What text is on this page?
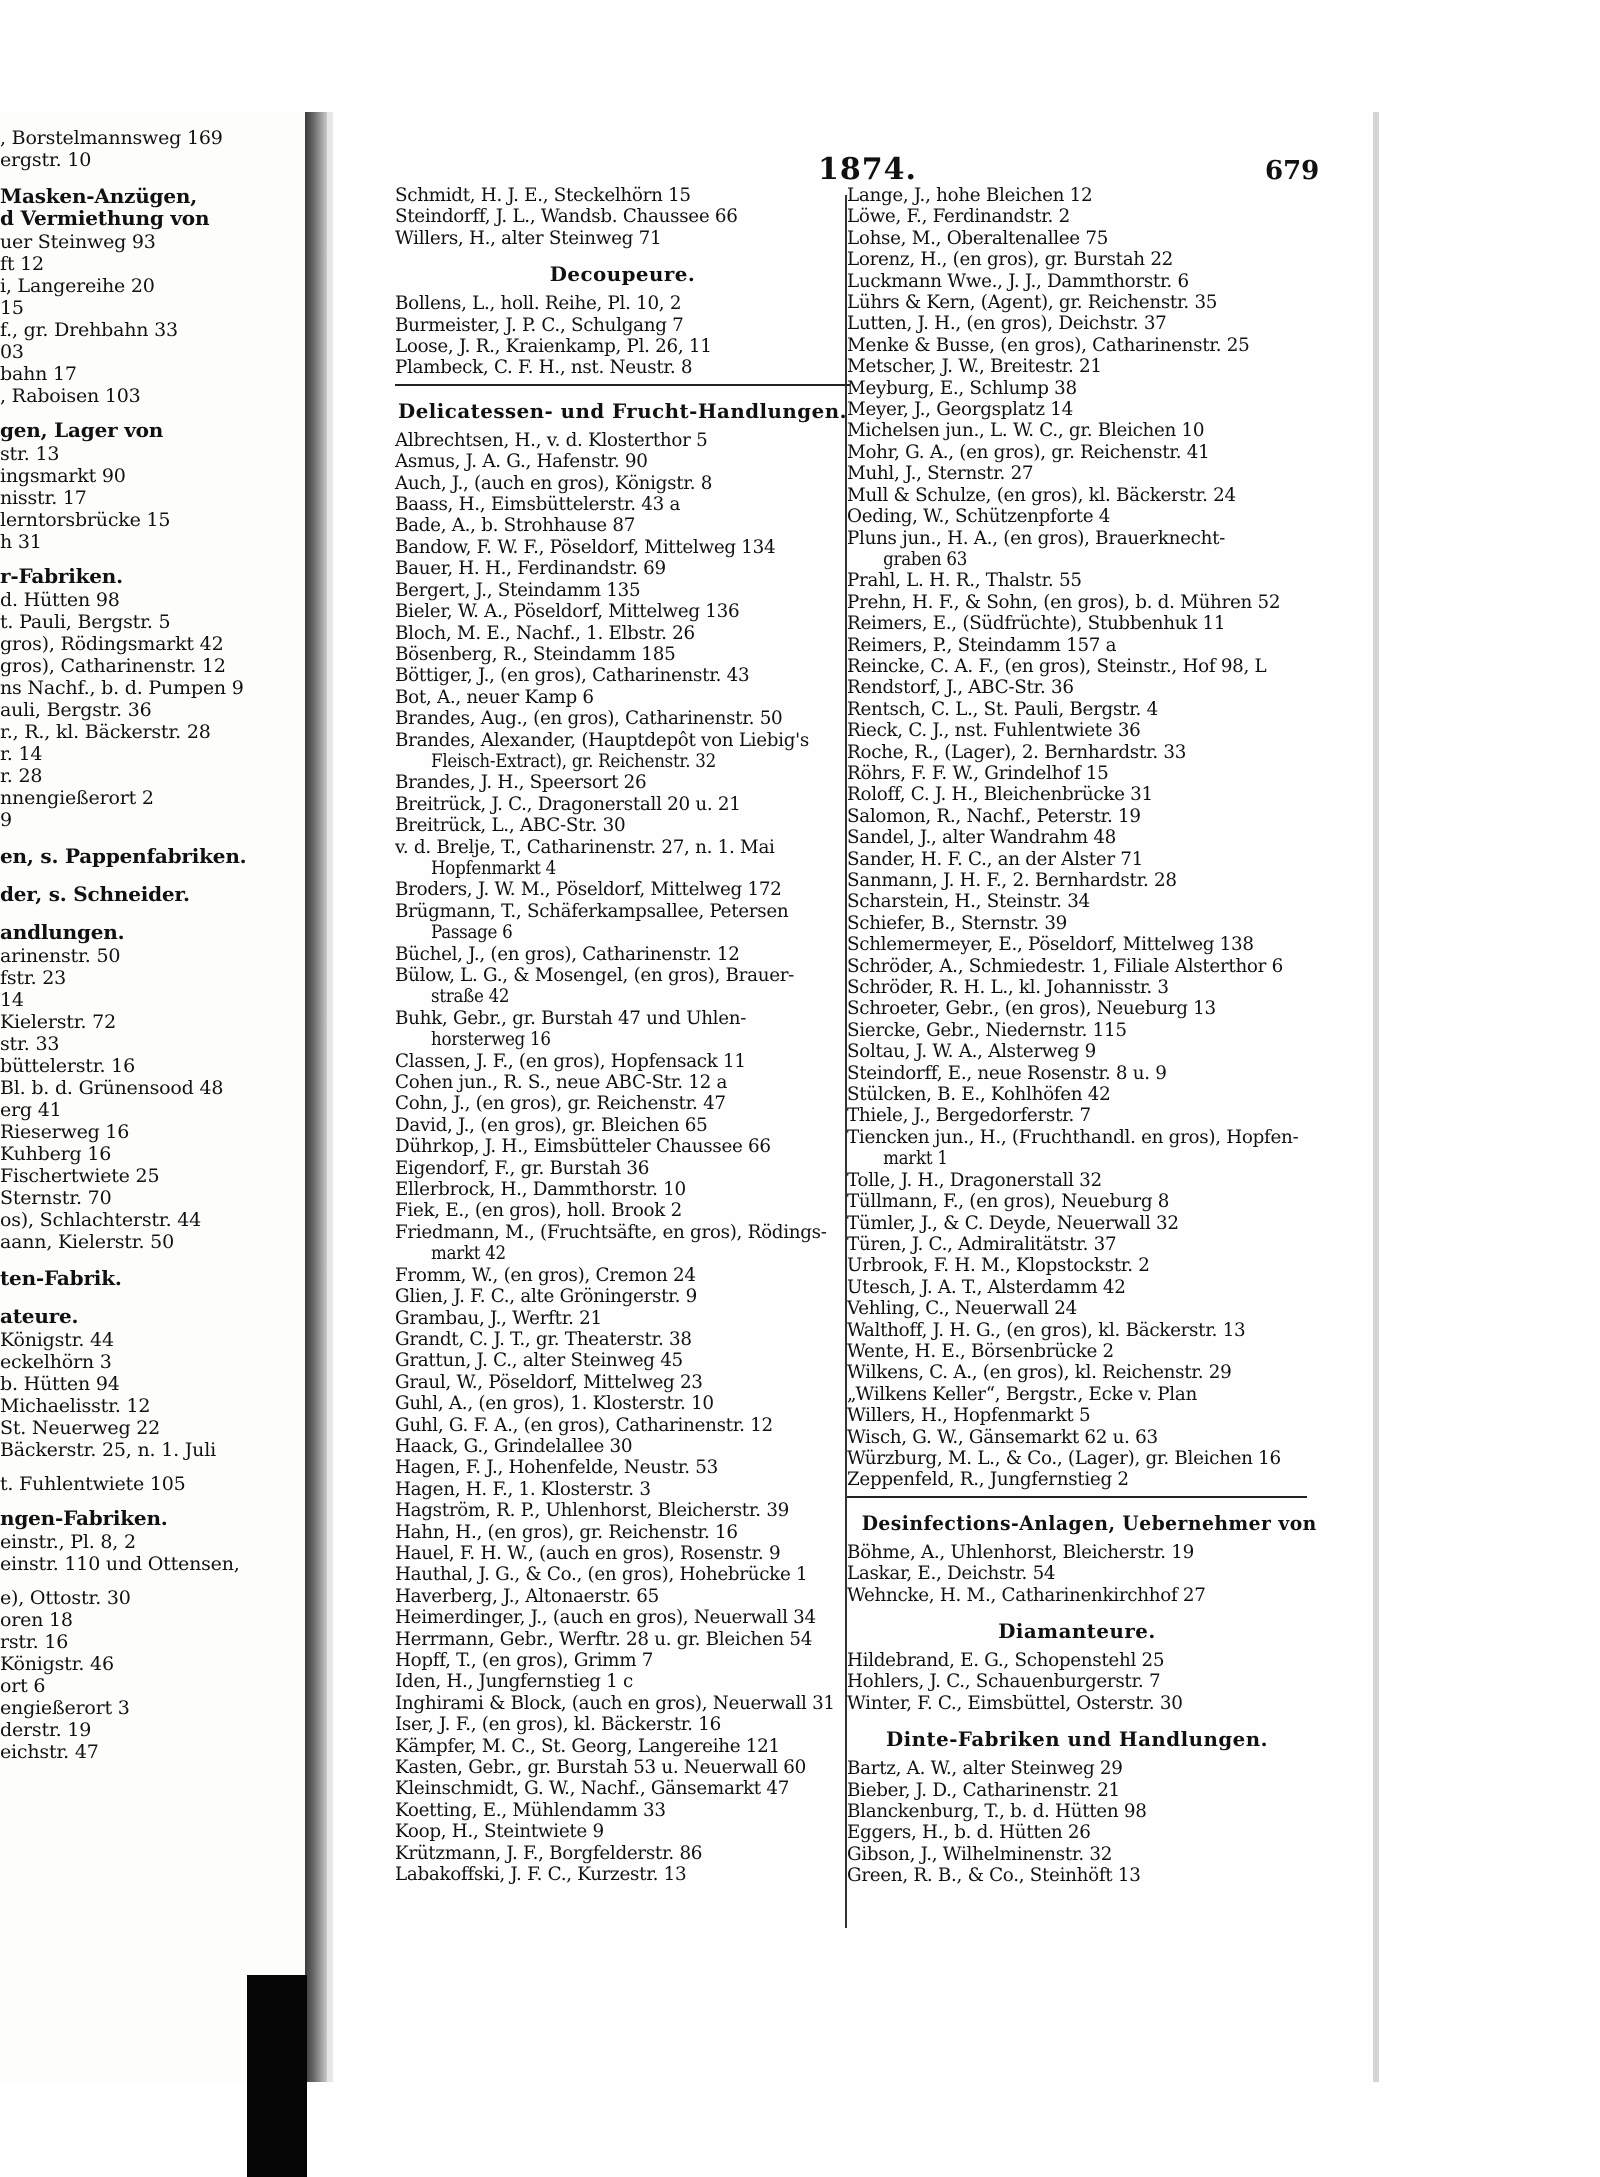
, Borstelmannsweg 169
ergstr. 10
Masken-Anzügen,
d Vermiethung von
uer Steinweg 93
ft 12
i, Langereihe 20
15
f., gr. Drehbahn 33
03
bahn 17
, Raboisen 103
gen, Lager von
str. 13
ingsmarkt 90
nisstr. 17
lerntorsbrücke 15
h 31
r-Fabriken.
d. Hütten 98
t. Pauli, Bergstr. 5
gros), Rödingsmarkt 42
gros), Catharinenstr. 12
ns Nachf., b. d. Pumpen 9
auli, Bergstr. 36
r., R., kl. Bäckerstr. 28
r. 14
r. 28
nnengießerort 2
9
en, s. Pappenfabriken.
der, s. Schneider.
andlungen.
arinenstr. 50
fstr. 23
14
Kielerstr. 72
str. 33
büttelerstr. 16
Bl. b. d. Grünensood 48
erg 41
Rieserweg 16
Kuhberg 16
Fischertwiete 25
Sternstr. 70
os), Schlachterstr. 44
aann, Kielerstr. 50
ten-Fabrik.
ateure.
Königstr. 44
eckelhörn 3
b. Hütten 94
Michaelisstr. 12
St. Neuerweg 22
Bäckerstr. 25, n. 1. Juli
t. Fuhlentwiete 105
ngen-Fabriken.
einstr., Pl. 8, 2
einstr. 110 und Ottensen,
e), Ottostr. 30
oren 18
rstr. 16
Königstr. 46
ort 6
engießerort 3
derstr. 19
eichstr. 47
1874.	679
Schmidt, H. J. E., Steckelhörn 15
Steindorff, J. L., Wandsb. Chaussee 66
Willers, H., alter Steinweg 71
Decoupeure.
Bollens, L., holl. Reihe, Pl. 10, 2
Burmeister, J. P. C., Schulgang 7
Loose, J. R., Kraienkamp, Pl. 26, 11
Plambeck, C. F. H., nst. Neustr. 8
Delicatessen- und Frucht-Handlungen.
Albrechtsen, H., v. d. Klosterthor 5
Asmus, J. A. G., Hafenstr. 90
Auch, J., (auch en gros), Königstr. 8
Baass, H., Eimsbüttelerstr. 43 a
Bade, A., b. Strohhause 87
Bandow, F. W. F., Pöseldorf, Mittelweg 134
Bauer, H. H., Ferdinandstr. 69
Bergert, J., Steindamm 135
Bieler, W. A., Pöseldorf, Mittelweg 136
Bloch, M. E., Nachf., 1. Elbstr. 26
Bösenberg, R., Steindamm 185
Böttiger, J., (en gros), Catharinenstr. 43
Bot, A., neuer Kamp 6
Brandes, Aug., (en gros), Catharinenstr. 50
Brandes, Alexander, (Hauptdepôt von Liebig's
Fleisch-Extract), gr. Reichenstr. 32
Brandes, J. H., Speersort 26
Breitrück, J. C., Dragonerstall 20 u. 21
Breitrück, L., ABC-Str. 30
v. d. Brelje, T., Catharinenstr. 27, n. 1. Mai
Hopfenmarkt 4
Broders, J. W. M., Pöseldorf, Mittelweg 172
Brügmann, T., Schäferkampsallee, Petersen
Passage 6
Büchel, J., (en gros), Catharinenstr. 12
Bülow, L. G., & Mosengel, (en gros), Brauer-
straße 42
Buhk, Gebr., gr. Burstah 47 und Uhlen-
horsterweg 16
Classen, J. F., (en gros), Hopfensack 11
Cohen jun., R. S., neue ABC-Str. 12 a
Cohn, J., (en gros), gr. Reichenstr. 47
David, J., (en gros), gr. Bleichen 65
Dührkop, J. H., Eimsbütteler Chaussee 66
Eigendorf, F., gr. Burstah 36
Ellerbrock, H., Dammthorstr. 10
Fiek, E., (en gros), holl. Brook 2
Friedmann, M., (Fruchtsäfte, en gros), Rödings-
markt 42
Fromm, W., (en gros), Cremon 24
Glien, J. F. C., alte Gröningerstr. 9
Grambau, J., Werftr. 21
Grandt, C. J. T., gr. Theaterstr. 38
Grattun, J. C., alter Steinweg 45
Graul, W., Pöseldorf, Mittelweg 23
Guhl, A., (en gros), 1. Klosterstr. 10
Guhl, G. F. A., (en gros), Catharinenstr. 12
Haack, G., Grindelallee 30
Hagen, F. J., Hohenfelde, Neustr. 53
Hagen, H. F., 1. Klosterstr. 3
Hagström, R. P., Uhlenhorst, Bleicherstr. 39
Hahn, H., (en gros), gr. Reichenstr. 16
Hauel, F. H. W., (auch en gros), Rosenstr. 9
Hauthal, J. G., & Co., (en gros), Hohebrücke 1
Haverberg, J., Altonaerstr. 65
Heimerdinger, J., (auch en gros), Neuerwall 34
Herrmann, Gebr., Werftr. 28 u. gr. Bleichen 54
Hopff, T., (en gros), Grimm 7
Iden, H., Jungfernstieg 1 c
Inghirami & Block, (auch en gros), Neuerwall 31
Iser, J. F., (en gros), kl. Bäckerstr. 16
Kämpfer, M. C., St. Georg, Langereihe 121
Kasten, Gebr., gr. Burstah 53 u. Neuerwall 60
Kleinschmidt, G. W., Nachf., Gänsemarkt 47
Koetting, E., Mühlendamm 33
Koop, H., Steintwiete 9
Krützmann, J. F., Borgfelderstr. 86
Labakoffski, J. F. C., Kurzestr. 13
Lange, J., hohe Bleichen 12
Löwe, F., Ferdinandstr. 2
Lohse, M., Oberaltenallee 75
Lorenz, H., (en gros), gr. Burstah 22
Luckmann Wwe., J. J., Dammthorstr. 6
Lührs & Kern, (Agent), gr. Reichenstr. 35
Lutten, J. H., (en gros), Deichstr. 37
Menke & Busse, (en gros), Catharinenstr. 25
Metscher, J. W., Breitestr. 21
Meyburg, E., Schlump 38
Meyer, J., Georgsplatz 14
Michelsen jun., L. W. C., gr. Bleichen 10
Mohr, G. A., (en gros), gr. Reichenstr. 41
Muhl, J., Sternstr. 27
Mull & Schulze, (en gros), kl. Bäckerstr. 24
Oeding, W., Schützenpforte 4
Pluns jun., H. A., (en gros), Brauerknecht-
graben 63
Prahl, L. H. R., Thalstr. 55
Prehn, H. F., & Sohn, (en gros), b. d. Mühren 52
Reimers, E., (Südfrüchte), Stubbenhuk 11
Reimers, P., Steindamm 157 a
Reincke, C. A. F., (en gros), Steinstr., Hof 98, L
Rendstorf, J., ABC-Str. 36
Rentsch, C. L., St. Pauli, Bergstr. 4
Rieck, C. J., nst. Fuhlentwiete 36
Roche, R., (Lager), 2. Bernhardstr. 33
Röhrs, F. F. W., Grindelhof 15
Roloff, C. J. H., Bleichenbrücke 31
Salomon, R., Nachf., Peterstr. 19
Sandel, J., alter Wandrahm 48
Sander, H. F. C., an der Alster 71
Sanmann, J. H. F., 2. Bernhardstr. 28
Scharstein, H., Steinstr. 34
Schiefer, B., Sternstr. 39
Schlemermeyer, E., Pöseldorf, Mittelweg 138
Schröder, A., Schmiedestr. 1, Filiale Alsterthor 6
Schröder, R. H. L., kl. Johannisstr. 3
Schroeter, Gebr., (en gros), Neueburg 13
Siercke, Gebr., Niedernstr. 115
Soltau, J. W. A., Alsterweg 9
Steindorff, E., neue Rosenstr. 8 u. 9
Stülcken, B. E., Kohlhöfen 42
Thiele, J., Bergedorferstr. 7
Tiencken jun., H., (Fruchthandl. en gros), Hopfen-
markt 1
Tolle, J. H., Dragonerstall 32
Tüllmann, F., (en gros), Neueburg 8
Tümler, J., & C. Deyde, Neuerwall 32
Türen, J. C., Admiralitätstr. 37
Urbrook, F. H. M., Klopstockstr. 2
Utesch, J. A. T., Alsterdamm 42
Vehling, C., Neuerwall 24
Walthoff, J. H. G., (en gros), kl. Bäckerstr. 13
Wente, H. E., Börsenbrücke 2
Wilkens, C. A., (en gros), kl. Reichenstr. 29
„Wilkens Keller“, Bergstr., Ecke v. Plan
Willers, H., Hopfenmarkt 5
Wisch, G. W., Gänsemarkt 62 u. 63
Würzburg, M. L., & Co., (Lager), gr. Bleichen 16
Zeppenfeld, R., Jungfernstieg 2
Desinfections-Anlagen, Uebernehmer von
Böhme, A., Uhlenhorst, Bleicherstr. 19
Laskar, E., Deichstr. 54
Wehncke, H. M., Catharinenkirchhof 27
Diamanteure.
Hildebrand, E. G., Schopenstehl 25
Hohlers, J. C., Schauenburgerstr. 7
Winter, F. C., Eimsbüttel, Osterstr. 30
Dinte-Fabriken und Handlungen.
Bartz, A. W., alter Steinweg 29
Bieber, J. D., Catharinenstr. 21
Blanckenburg, T., b. d. Hütten 98
Eggers, H., b. d. Hütten 26
Gibson, J., Wilhelminenstr. 32
Green, R. B., & Co., Steinhöft 13
